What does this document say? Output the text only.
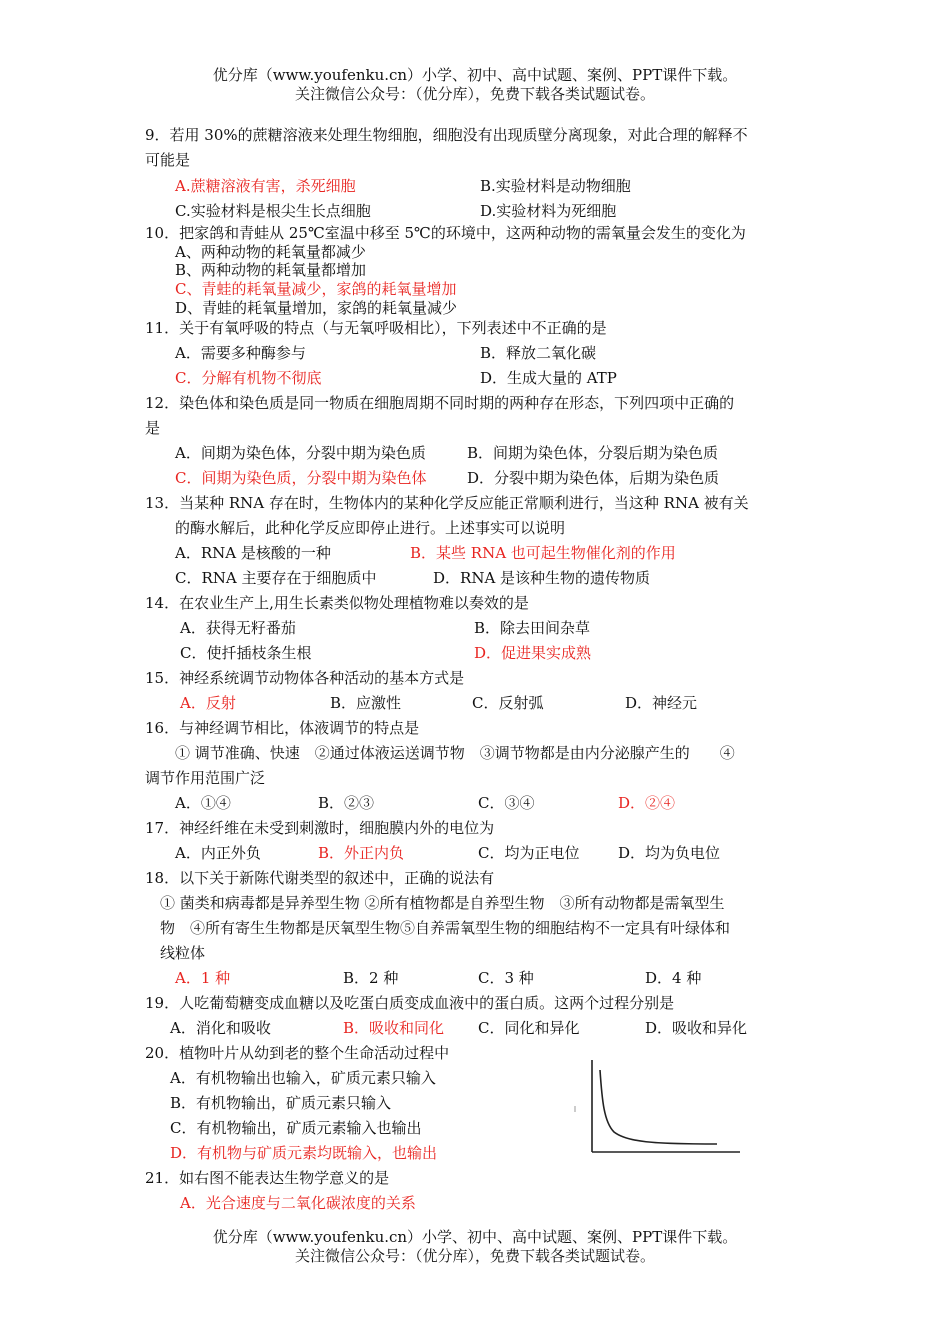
优分库（www.youfenku.cn）小学、初中、高中试题、案例、PPT课件下载。
关注微信公众号：（优分库），免费下载各类试题试卷。
9．若用 30%的蔗糖溶液来处理生物细胞，细胞没有出现质壁分离现象，对此合理的解释不
可能是
A.蔗糖溶液有害，杀死细胞	B.实验材料是动物细胞
C.实验材料是根尖生长点细胞	D.实验材料为死细胞
10．把家鸽和青蛙从 25℃室温中移至 5℃的环境中，这两种动物的需氧量会发生的变化为
A、两种动物的耗氧量都减少
B、两种动物的耗氧量都增加
C、青蛙的耗氧量减少，家鸽的耗氧量增加
D、青蛙的耗氧量增加，家鸽的耗氧量减少
11．关于有氧呼吸的特点（与无氧呼吸相比），下列表述中不正确的是
A．需要多种酶参与	B．释放二氧化碳
C．分解有机物不彻底	D．生成大量的 ATP
12．染色体和染色质是同一物质在细胞周期不同时期的两种存在形态，下列四项中正确的
是
A．间期为染色体，分裂中期为染色质	B．间期为染色体，分裂后期为染色质
C．间期为染色质，分裂中期为染色体	D．分裂中期为染色体，后期为染色质
13．当某种 RNA 存在时，生物体内的某种化学反应能正常顺利进行，当这种 RNA 被有关
的酶水解后，此种化学反应即停止进行。上述事实可以说明
A．RNA 是核酸的一种	B．某些 RNA 也可起生物催化剂的作用
C．RNA 主要存在于细胞质中	D．RNA 是该种生物的遗传物质
14．在农业生产上,用生长素类似物处理植物难以奏效的是
A．获得无籽番茄	B．除去田间杂草
C．使扦插枝条生根	D．促进果实成熟
15．神经系统调节动物体各种活动的基本方式是
A．反射	B．应激性	C．反射弧	D．神经元
16．与神经调节相比，体液调节的特点是
① 调节准确、快速　②通过体液运送调节物　③调节物都是由内分泌腺产生的　　④
调节作用范围广泛
A．①④	B．②③	C．③④	D．②④
17．神经纤维在未受到刺激时，细胞膜内外的电位为
A．内正外负	B．外正内负	C．均为正电位	D．均为负电位
18．以下关于新陈代谢类型的叙述中，正确的说法有
① 菌类和病毒都是异养型生物 ②所有植物都是自养型生物　③所有动物都是需氧型生
物　④所有寄生生物都是厌氧型生物⑤自养需氧型生物的细胞结构不一定具有叶绿体和
线粒体
A．1 种	B．2 种	C．3 种	D．4 种
19．人吃葡萄糖变成血糖以及吃蛋白质变成血液中的蛋白质。这两个过程分别是
A．消化和吸收	B．吸收和同化 C．同化和异化	D．吸收和异化
20．植物叶片从幼到老的整个生命活动过程中
A．有机物输出也输入，矿质元素只输入
B．有机物输出，矿质元素只输入
C．有机物输出，矿质元素输入也输出
D．有机物与矿质元素均既输入，也输出
21．如右图不能表达生物学意义的是
A．光合速度与二氧化碳浓度的关系
优分库（www.youfenku.cn）小学、初中、高中试题、案例、PPT课件下载。
关注微信公众号：（优分库），免费下载各类试题试卷。
